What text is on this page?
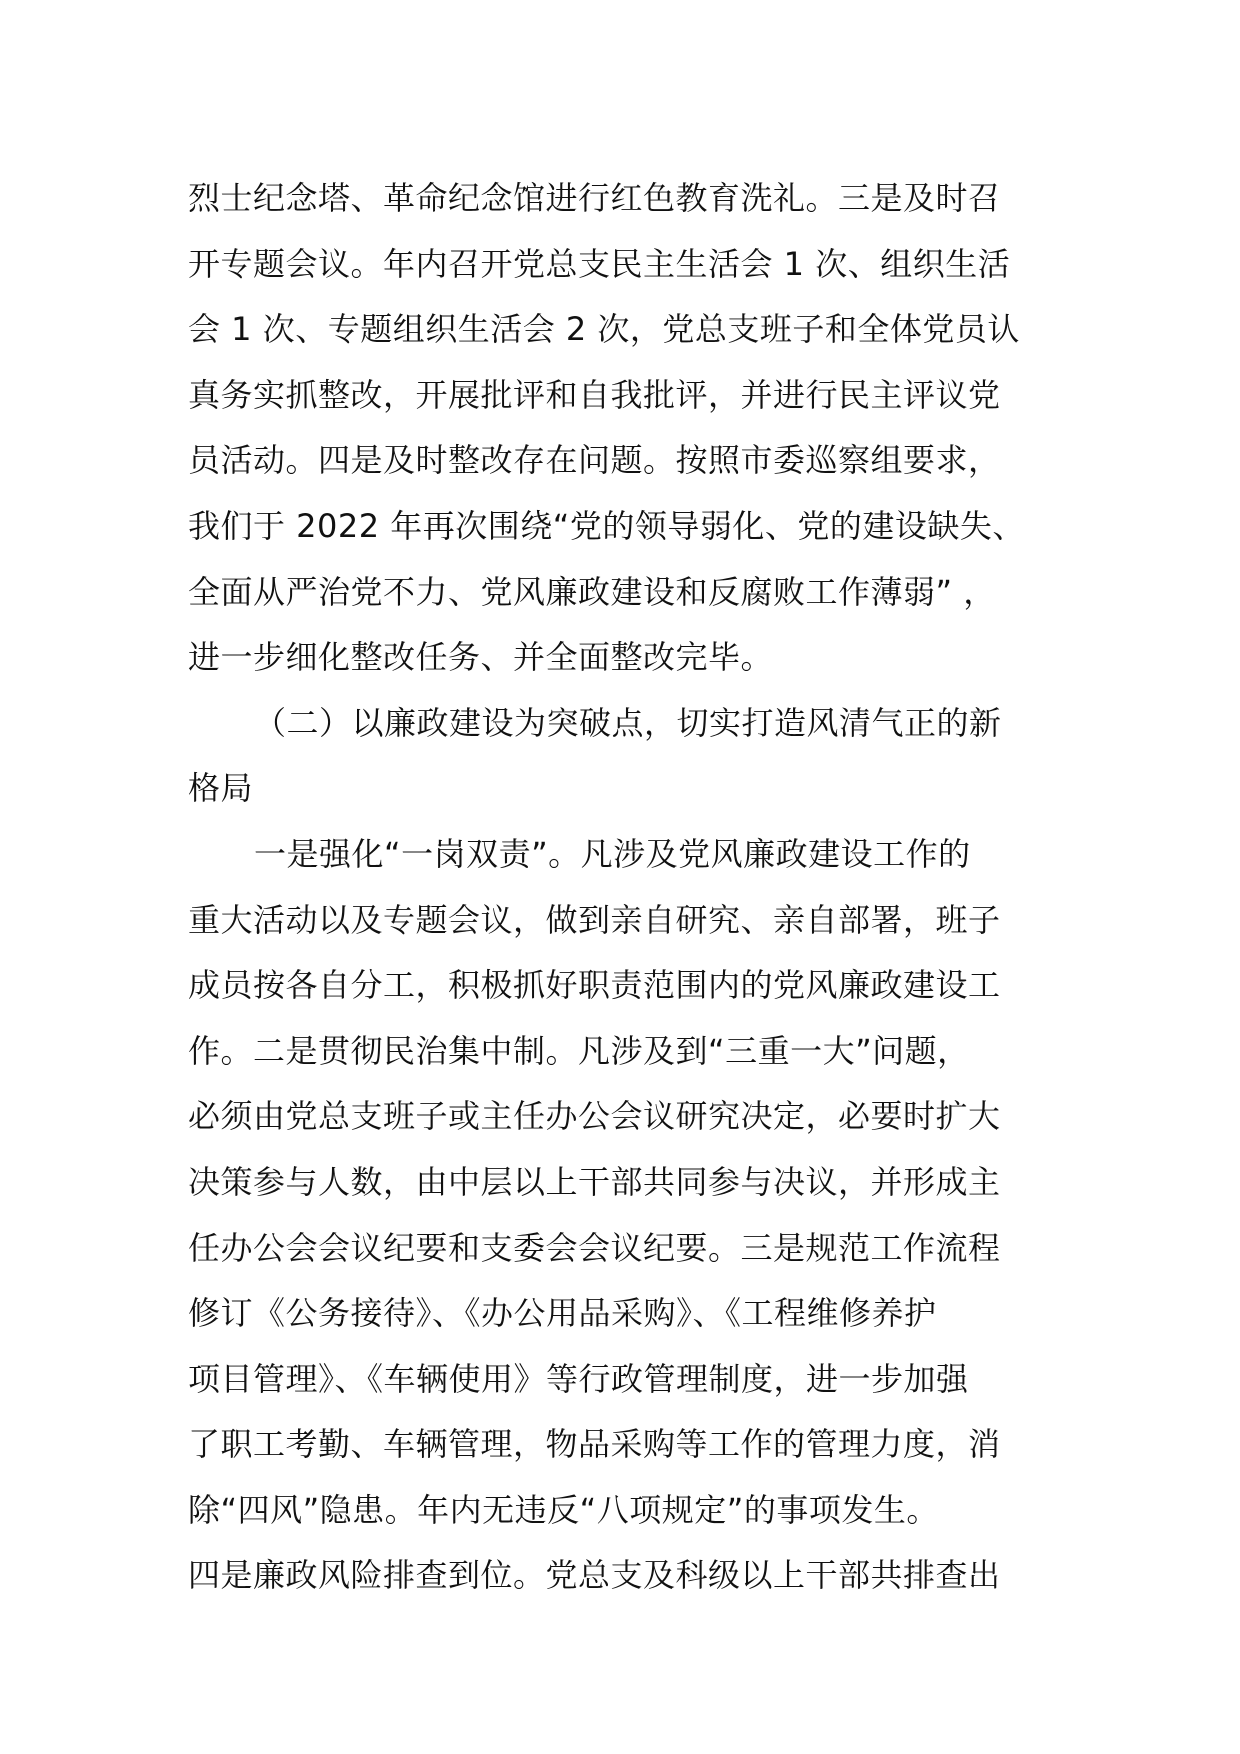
烈士纪念塔、革命纪念馆进行红色教育洗礼。三是及时召
开专题会议。年内召开党总支民主生活会 1 次、组织生活
会 1 次、专题组织生活会 2 次，党总支班子和全体党员认
真务实抓整改，开展批评和自我批评，并进行民主评议党
员活动。四是及时整改存在问题。按照市委巡察组要求，
我们于 2022 年再次围绕“党的领导弱化、党的建设缺失、
全面从严治党不力、党风廉政建设和反腐败工作薄弱” ，
进一步细化整改任务、并全面整改完毕。
（二）以廉政建设为突破点，切实打造风清气正的新
格局
一是强化“一岗双责”。凡涉及党风廉政建设工作的
重大活动以及专题会议，做到亲自研究、亲自部署，班子
成员按各自分工，积极抓好职责范围内的党风廉政建设工
作。二是贯彻民治集中制。凡涉及到“三重一大”问题，
必须由党总支班子或主任办公会议研究决定，必要时扩大
决策参与人数，由中层以上干部共同参与决议，并形成主
任办公会会议纪要和支委会会议纪要。三是规范工作流程
修订《公务接待》、《办公用品采购》、《工程维修养护
项目管理》、《车辆使用》等行政管理制度，进一步加强
了职工考勤、车辆管理，物品采购等工作的管理力度，消
除“四风”隐患。年内无违反“八项规定”的事项发生。
四是廉政风险排查到位。党总支及科级以上干部共排查出
